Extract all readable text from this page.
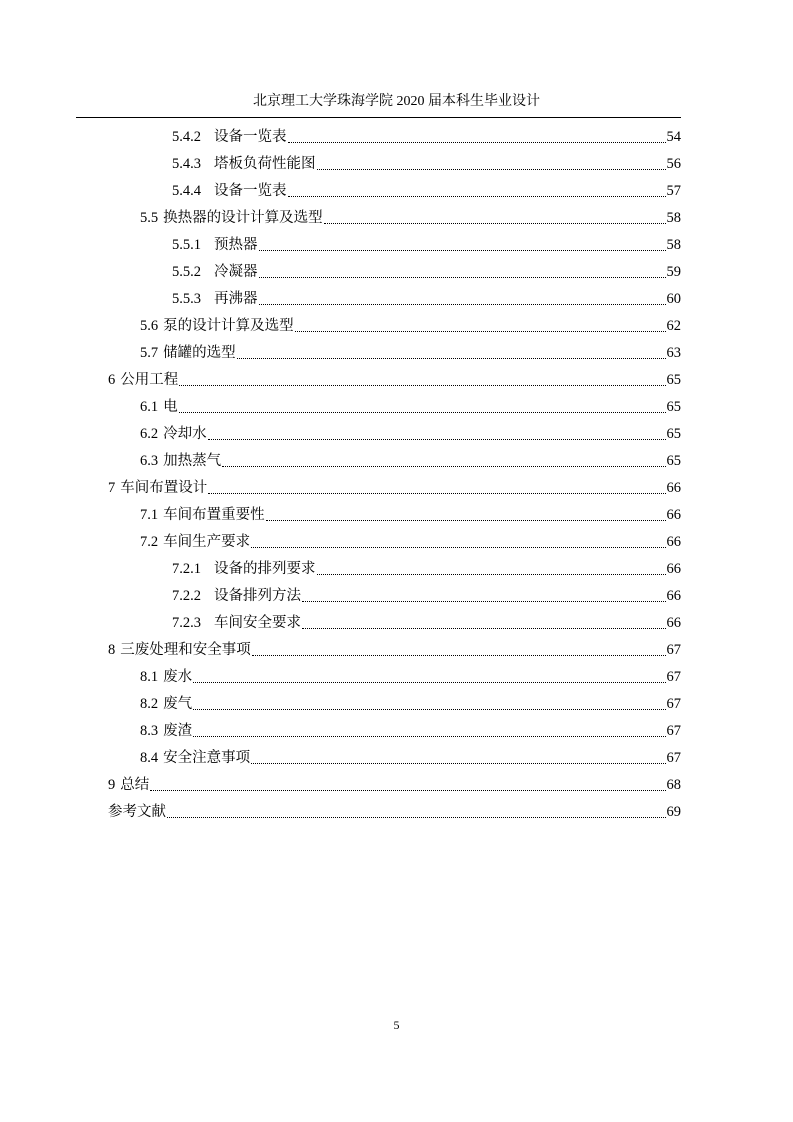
北京理工大学珠海学院 2020 届本科生毕业设计
5.4.2 设备一览表	54
5.4.3 塔板负荷性能图	56
5.4.4 设备一览表	57
5.5 换热器的设计计算及选型	58
5.5.1 预热器	58
5.5.2 冷凝器	59
5.5.3 再沸器	60
5.6 泵的设计计算及选型	62
5.7 储罐的选型	63
6 公用工程	65
6.1 电	65
6.2 冷却水	65
6.3 加热蒸气	65
7 车间布置设计	66
7.1 车间布置重要性	66
7.2 车间生产要求	66
7.2.1 设备的排列要求	66
7.2.2 设备排列方法	66
7.2.3 车间安全要求	66
8 三废处理和安全事项	67
8.1 废水	67
8.2 废气	67
8.3 废渣	67
8.4 安全注意事项	67
9 总结	68
参考文献	69
5
